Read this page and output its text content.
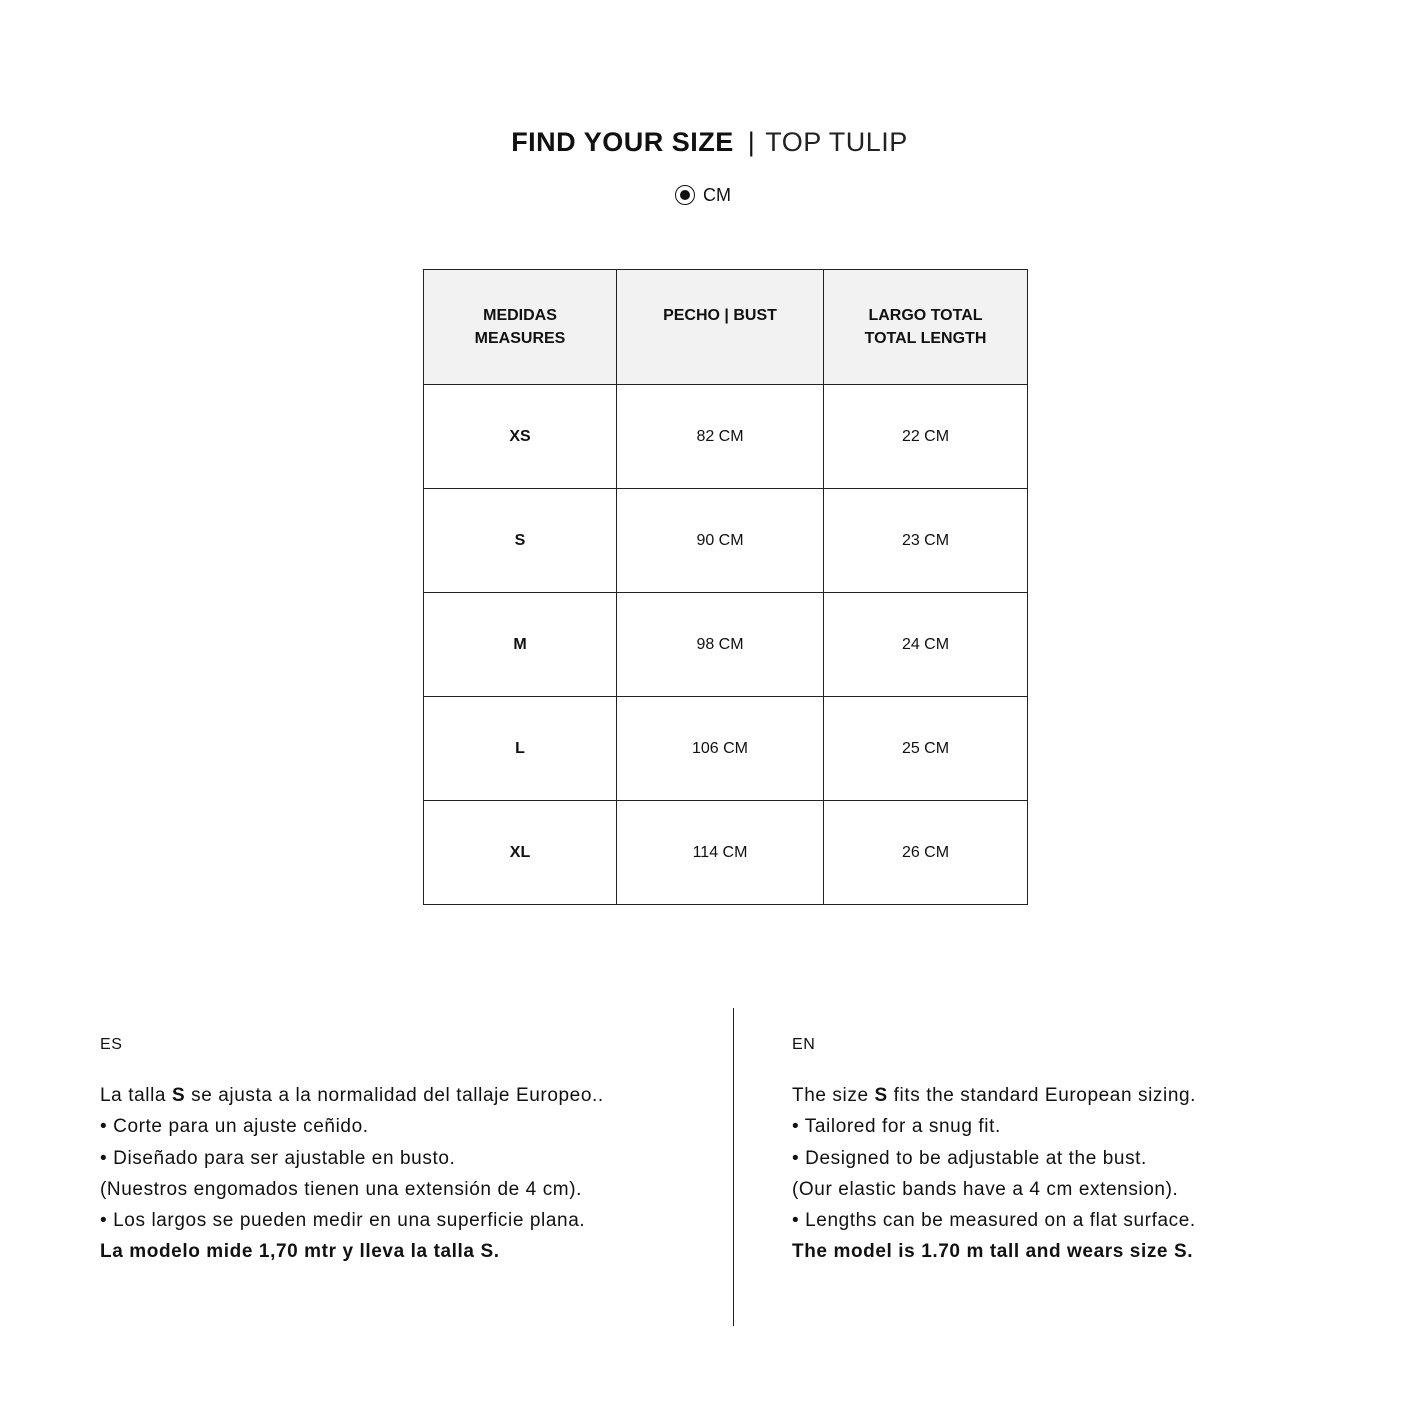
FIND YOUR SIZE | TOP TULIP
CM
MEDIDAS
MEASURES	PECHO | BUST	LARGO TOTAL
TOTAL LENGTH

XS	82 CM	22 CM
S	90 CM	23 CM
M	98 CM	24 CM
L	106 CM	25 CM
XL	114 CM	26 CM
ES
La talla S se ajusta a la normalidad del tallaje Europeo..
• Corte para un ajuste ceñido.
• Diseñado para ser ajustable en busto.
(Nuestros engomados tienen una extensión de 4 cm).
• Los largos se pueden medir en una superficie plana.
La modelo mide 1,70 mtr y lleva la talla S.
EN
The size S fits the standard European sizing.
• Tailored for a snug fit.
• Designed to be adjustable at the bust.
(Our elastic bands have a 4 cm extension).
• Lengths can be measured on a flat surface.
The model is 1.70 m tall and wears size S.
